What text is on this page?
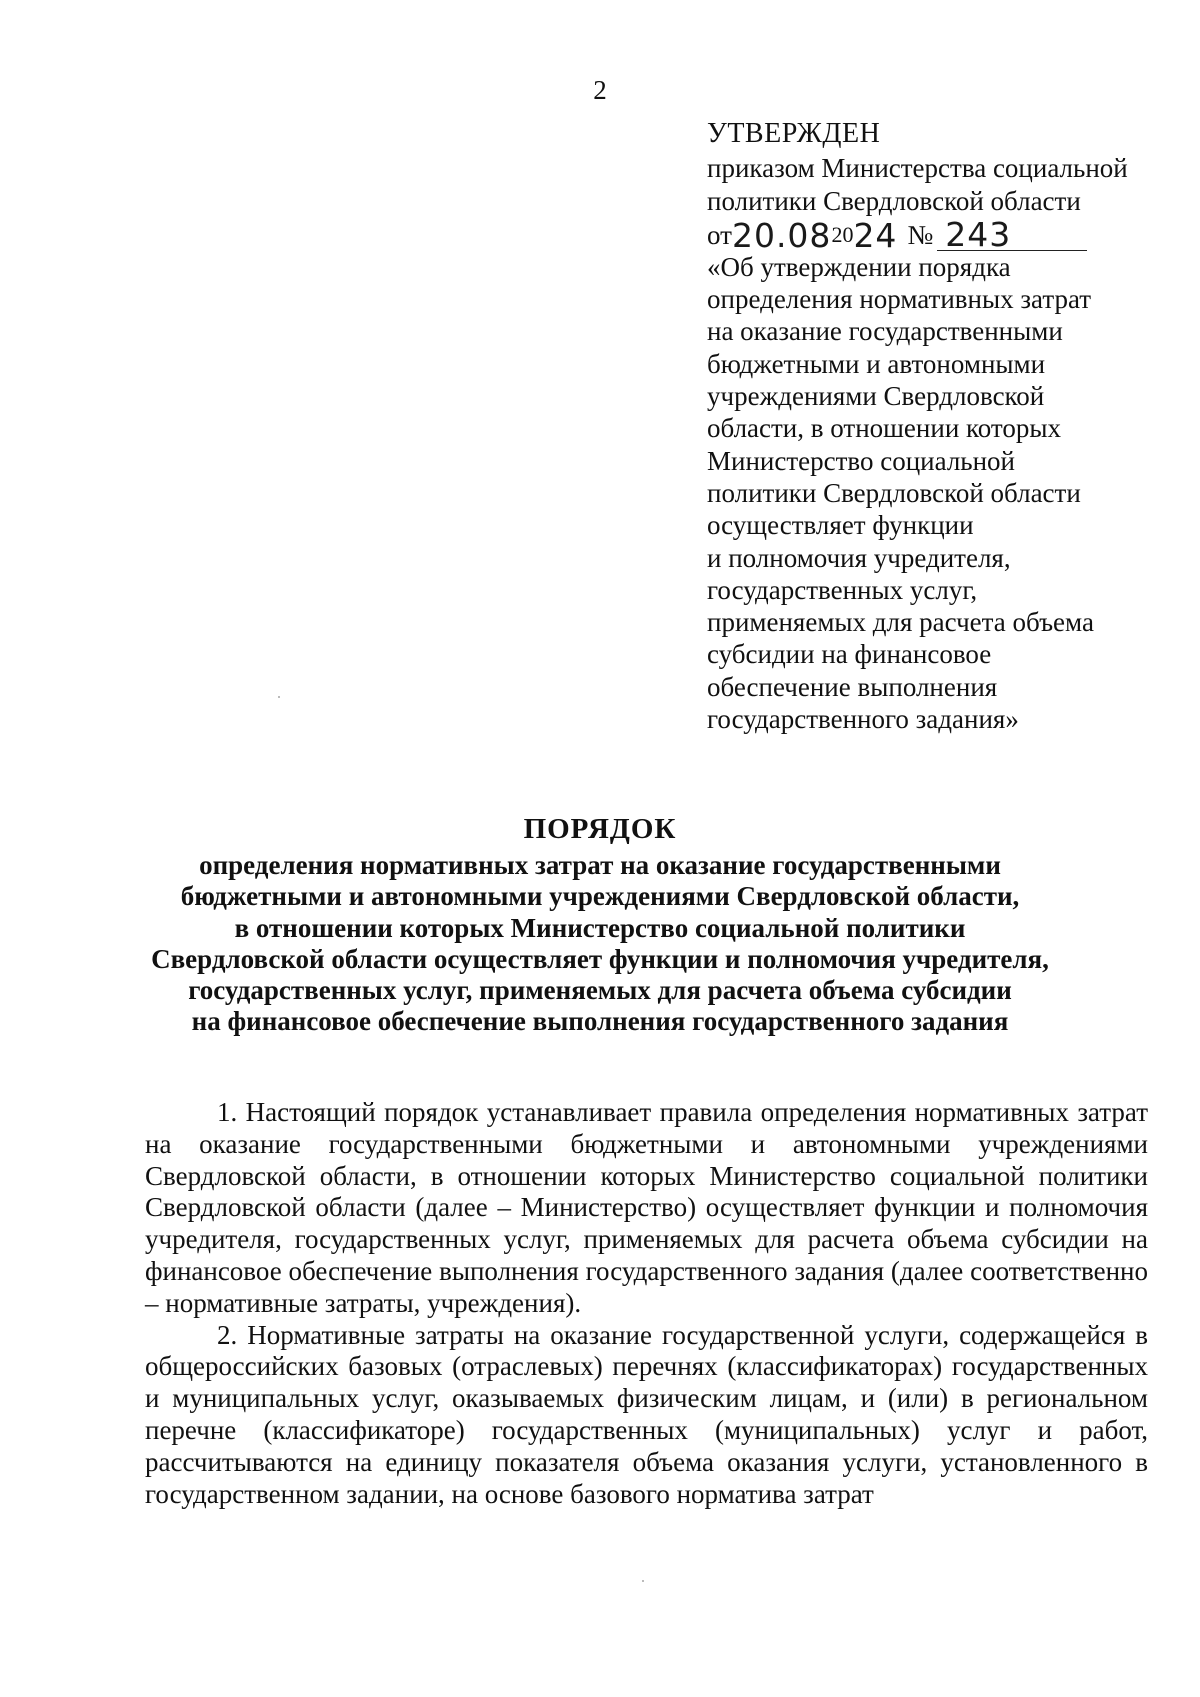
2
УТВЕРЖДЕН
приказом Министерства социальной
политики Свердловской области
от 20.08 20 24 № 243
«Об утверждении порядка
определения нормативных затрат
на оказание государственными
бюджетными и автономными
учреждениями Свердловской
области, в отношении которых
Министерство социальной
политики Свердловской области
осуществляет функции
и полномочия учредителя,
государственных услуг,
применяемых для расчета объема
субсидии на финансовое
обеспечение выполнения
государственного задания»
ПОРЯДОК
определения нормативных затрат на оказание государственными
бюджетными и автономными учреждениями Свердловской области,
в отношении которых Министерство социальной политики
Свердловской области осуществляет функции и полномочия учредителя,
государственных услуг, применяемых для расчета объема субсидии
на финансовое обеспечение выполнения государственного задания

1. Настоящий порядок устанавливает правила определения нормативных затрат на оказание государственными бюджетными и автономными учреждениями Свердловской области, в отношении которых Министерство социальной политики Свердловской области (далее – Министерство) осуществляет функции и полномочия учредителя, государственных услуг, применяемых для расчета объема субсидии на финансовое обеспечение выполнения государственного задания (далее соответственно – нормативные затраты, учреждения).

2. Нормативные затраты на оказание государственной услуги, содержащейся в общероссийских базовых (отраслевых) перечнях (классификаторах) государственных и муниципальных услуг, оказываемых физическим лицам, и (или) в региональном перечне (классификаторе) государственных (муниципальных) услуг и работ, рассчитываются на единицу показателя объема оказания услуги, установленного в государственном задании, на основе базового норматива затрат
